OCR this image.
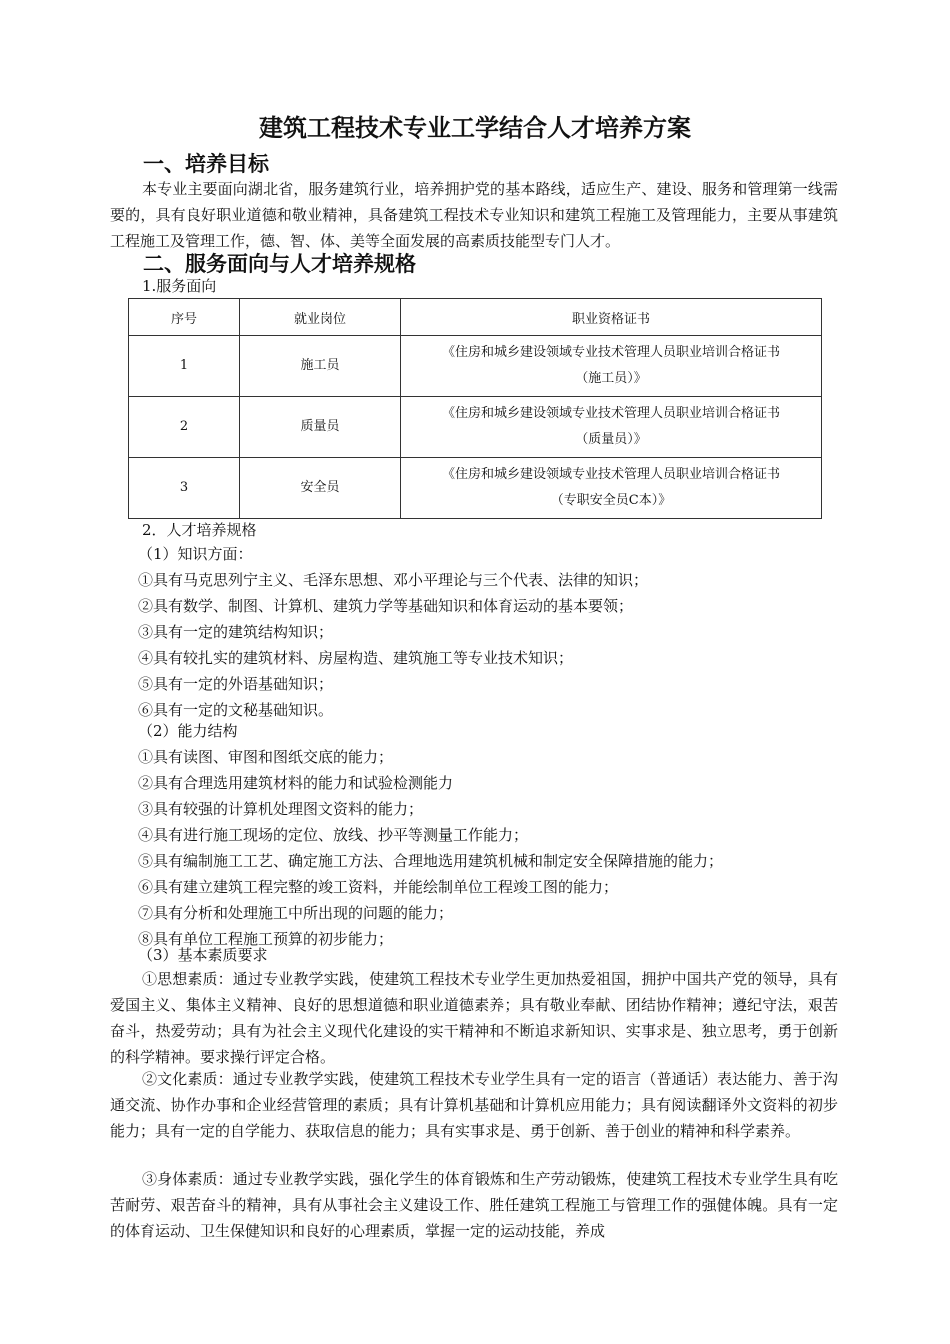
建筑工程技术专业工学结合人才培养方案
一、培养目标

本专业主要面向湖北省，服务建筑行业，培养拥护党的基本路线，适应生产、建设、服务和管理第一线需要的，具有良好职业道德和敬业精神，具备建筑工程技术专业知识和建筑工程施工及管理能力，主要从事建筑工程施工及管理工作，德、智、体、美等全面发展的高素质技能型专门人才。

二、服务面向与人才培养规格
1.服务面向
序号	就业岗位	职业资格证书
1	施工员	《住房和城乡建设领域专业技术管理人员职业培训合格证书
（施工员）》

2	质量员	《住房和城乡建设领域专业技术管理人员职业培训合格证书
（质量员）》

3	安全员	《住房和城乡建设领域专业技术管理人员职业培训合格证书
（专职安全员C本）》
2．人才培养规格
（1）知识方面：
①具有马克思列宁主义、毛泽东思想、邓小平理论与三个代表、法律的知识；
②具有数学、制图、计算机、建筑力学等基础知识和体育运动的基本要领；
③具有一定的建筑结构知识；
④具有较扎实的建筑材料、房屋构造、建筑施工等专业技术知识；
⑤具有一定的外语基础知识；
⑥具有一定的文秘基础知识。
（2）能力结构
①具有读图、审图和图纸交底的能力；
②具有合理选用建筑材料的能力和试验检测能力
③具有较强的计算机处理图文资料的能力；
④具有进行施工现场的定位、放线、抄平等测量工作能力；
⑤具有编制施工工艺、确定施工方法、合理地选用建筑机械和制定安全保障措施的能力；
⑥具有建立建筑工程完整的竣工资料，并能绘制单位工程竣工图的能力；
⑦具有分析和处理施工中所出现的问题的能力；
⑧具有单位工程施工预算的初步能力；
（3）基本素质要求

①思想素质：通过专业教学实践，使建筑工程技术专业学生更加热爱祖国，拥护中国共产党的领导，具有爱国主义、集体主义精神、良好的思想道德和职业道德素养；具有敬业奉献、团结协作精神；遵纪守法，艰苦奋斗，热爱劳动；具有为社会主义现代化建设的实干精神和不断追求新知识、实事求是、独立思考，勇于创新的科学精神。要求操行评定合格。

②文化素质：通过专业教学实践，使建筑工程技术专业学生具有一定的语言（普通话）表达能力、善于沟通交流、协作办事和企业经营管理的素质；具有计算机基础和计算机应用能力；具有阅读翻译外文资料的初步能力；具有一定的自学能力、获取信息的能力；具有实事求是、勇于创新、善于创业的精神和科学素养。

③身体素质：通过专业教学实践，强化学生的体育锻炼和生产劳动锻炼，使建筑工程技术专业学生具有吃苦耐劳、艰苦奋斗的精神，具有从事社会主义建设工作、胜任建筑工程施工与管理工作的强健体魄。具有一定的体育运动、卫生保健知识和良好的心理素质，掌握一定的运动技能，养成
